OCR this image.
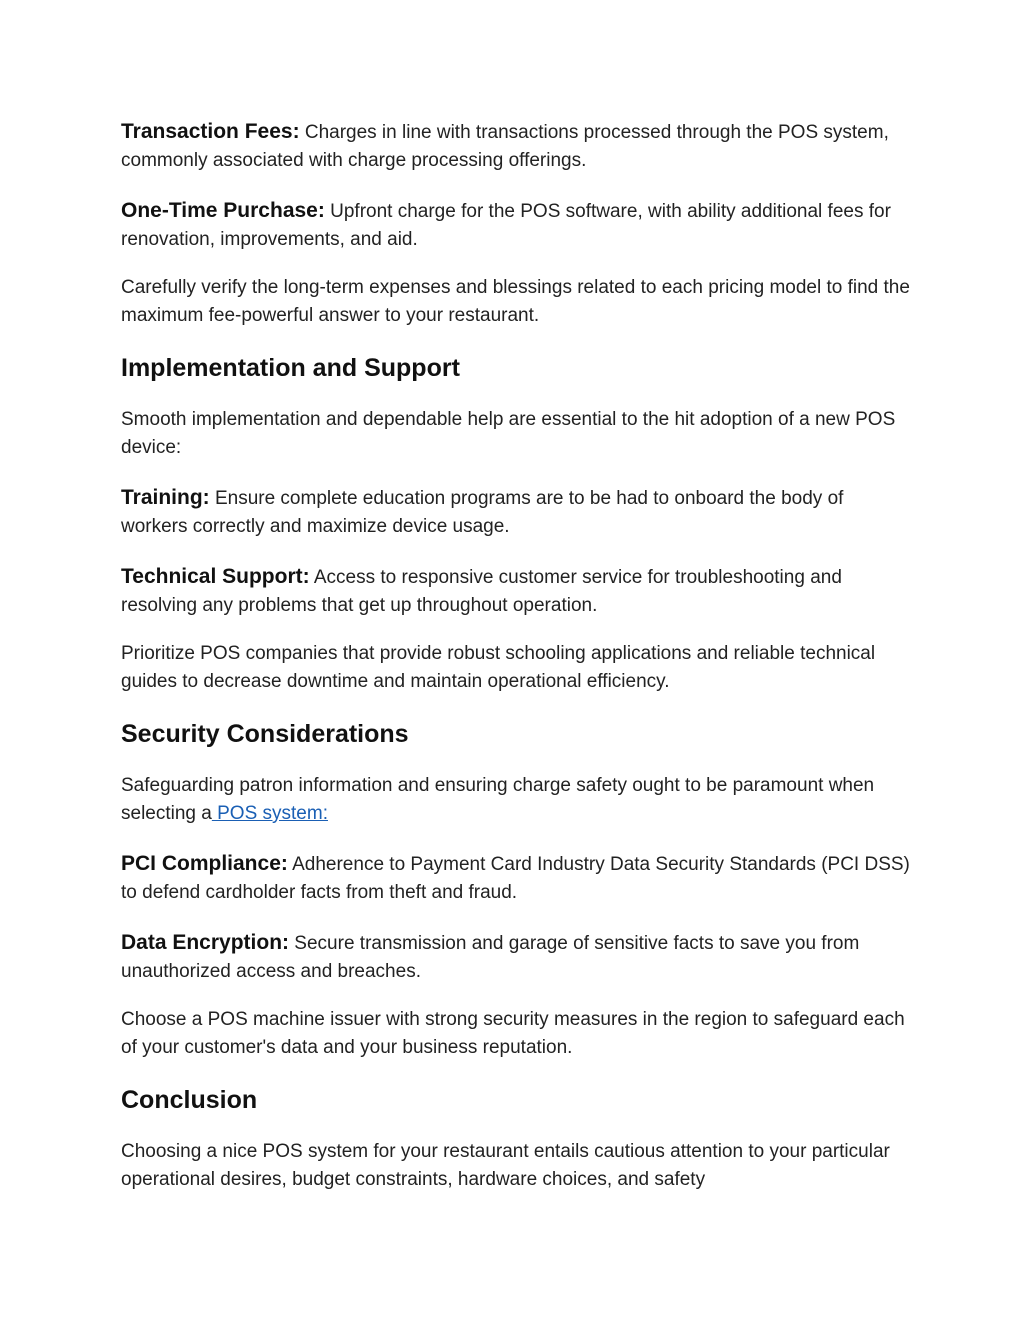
Transaction Fees: Charges in line with transactions processed through the POS system, commonly associated with charge processing offerings.

One-Time Purchase: Upfront charge for the POS software, with ability additional fees for renovation, improvements, and aid.

Carefully verify the long-term expenses and blessings related to each pricing model to find the maximum fee-powerful answer to your restaurant.

Implementation and Support

Smooth implementation and dependable help are essential to the hit adoption of a new POS device:

Training: Ensure complete education programs are to be had to onboard the body of workers correctly and maximize device usage.

Technical Support: Access to responsive customer service for troubleshooting and resolving any problems that get up throughout operation.

Prioritize POS companies that provide robust schooling applications and reliable technical guides to decrease downtime and maintain operational efficiency.

Security Considerations

Safeguarding patron information and ensuring charge safety ought to be paramount when selecting a POS system:

PCI Compliance: Adherence to Payment Card Industry Data Security Standards (PCI DSS) to defend cardholder facts from theft and fraud.

Data Encryption: Secure transmission and garage of sensitive facts to save you from unauthorized access and breaches.

Choose a POS machine issuer with strong security measures in the region to safeguard each of your customer's data and your business reputation.

Conclusion

Choosing a nice POS system for your restaurant entails cautious attention to your particular operational desires, budget constraints, hardware choices, and safety
